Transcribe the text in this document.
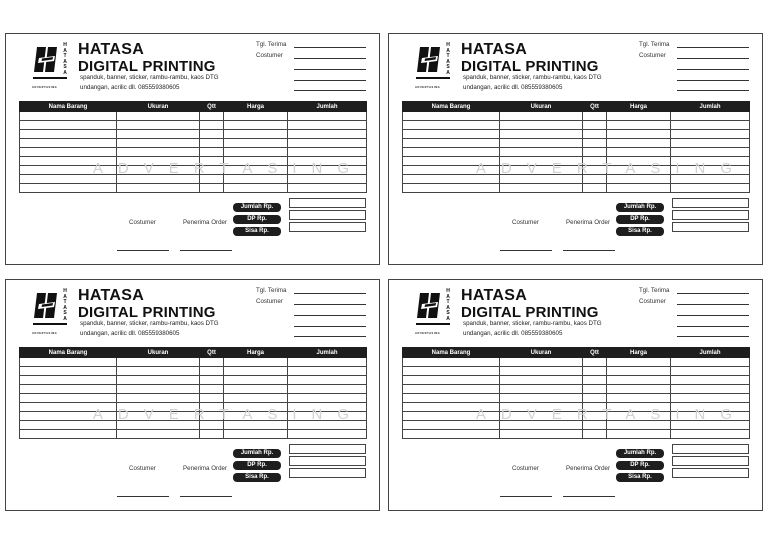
HATASA
ADVERTASING
HATASA
DIGITAL PRINTING
spanduk, banner, sticker, rambu-rambu, kaos DTG
undangan, acrilic dll. 085559380605
Tgl. Terima
Costumer
Nama Barang	Ukuran	Qtt	Harga	Jumlah

ADVERTASING
Jumlah Rp.
DP Rp.
Sisa Rp.
Costumer	Penerima Order
HATASA
ADVERTASING
HATASA
DIGITAL PRINTING
spanduk, banner, sticker, rambu-rambu, kaos DTG
undangan, acrilic dll. 085559380605
Tgl. Terima
Costumer
Nama Barang	Ukuran	Qtt	Harga	Jumlah

ADVERTASING
Jumlah Rp.
DP Rp.
Sisa Rp.
Costumer	Penerima Order
HATASA
ADVERTASING
HATASA
DIGITAL PRINTING
spanduk, banner, sticker, rambu-rambu, kaos DTG
undangan, acrilic dll. 085559380605
Tgl. Terima
Costumer
Nama Barang	Ukuran	Qtt	Harga	Jumlah

ADVERTASING
Jumlah Rp.
DP Rp.
Sisa Rp.
Costumer	Penerima Order
HATASA
ADVERTASING
HATASA
DIGITAL PRINTING
spanduk, banner, sticker, rambu-rambu, kaos DTG
undangan, acrilic dll. 085559380605
Tgl. Terima
Costumer
Nama Barang	Ukuran	Qtt	Harga	Jumlah

ADVERTASING
Jumlah Rp.
DP Rp.
Sisa Rp.
Costumer	Penerima Order
